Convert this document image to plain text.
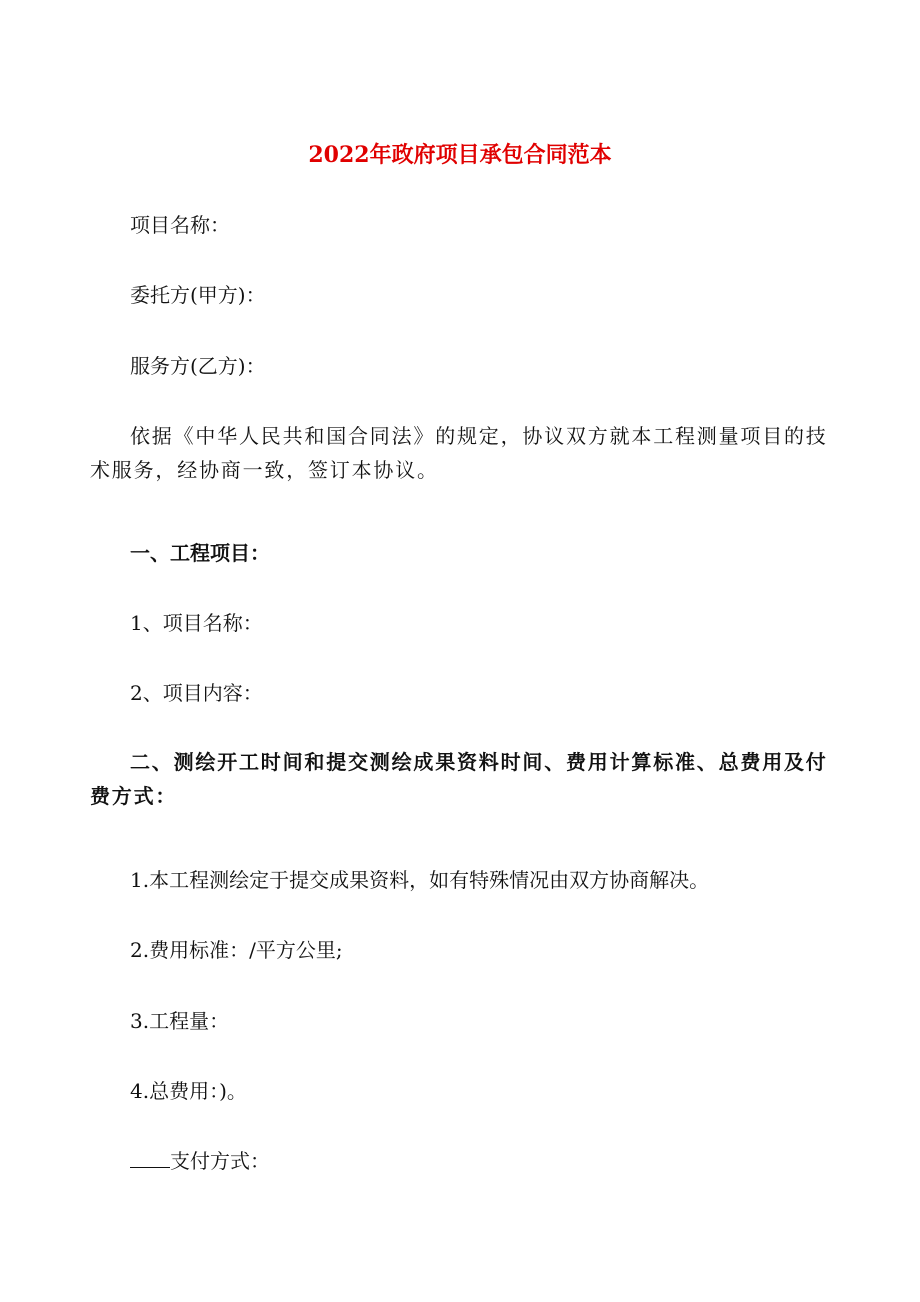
2022年政府项目承包合同范本

项目名称：

委托方(甲方)：

服务方(乙方)：

依据《中华人民共和国合同法》的规定，协议双方就本工程测量项目的技术服务，经协商一致，签订本协议。

一、工程项目：

1、项目名称：

2、项目内容：

二、测绘开工时间和提交测绘成果资料时间、费用计算标准、总费用及付费方式：

1.本工程测绘定于提交成果资料，如有特殊情况由双方协商解决。

2.费用标准：/平方公里;

3.工程量：

4.总费用：)。

支付方式：
